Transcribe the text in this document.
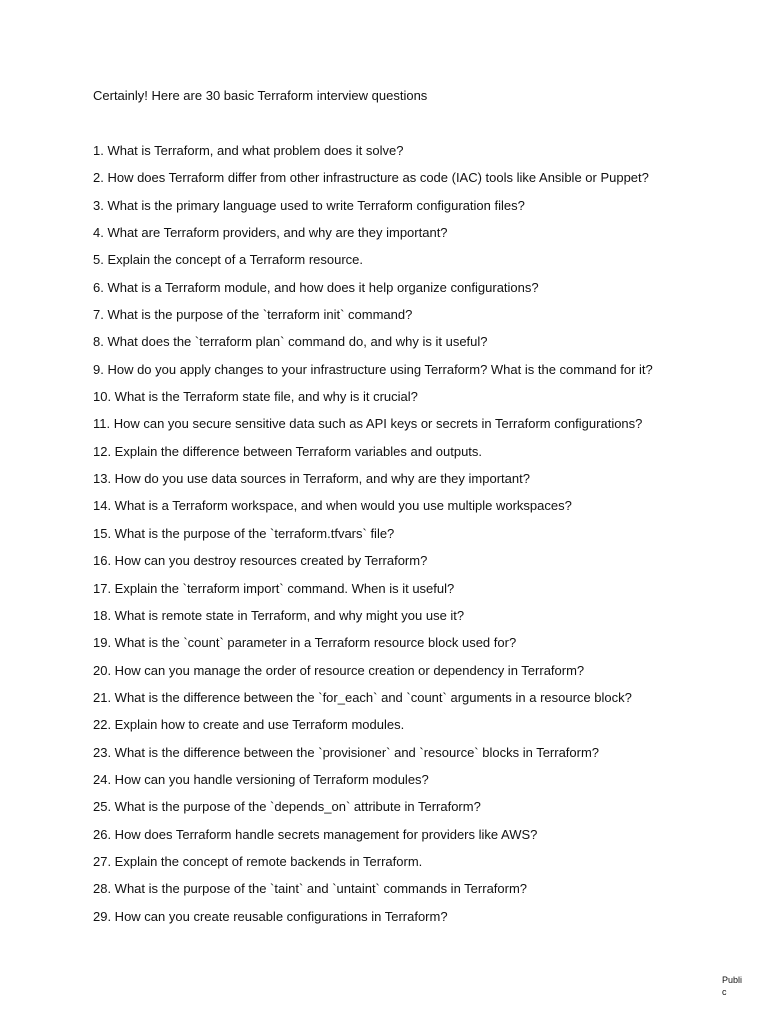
Certainly! Here are 30 basic Terraform interview questions
1. What is Terraform, and what problem does it solve?
2. How does Terraform differ from other infrastructure as code (IAC) tools like Ansible or Puppet?
3. What is the primary language used to write Terraform configuration files?
4. What are Terraform providers, and why are they important?
5. Explain the concept of a Terraform resource.
6. What is a Terraform module, and how does it help organize configurations?
7. What is the purpose of the `terraform init` command?
8. What does the `terraform plan` command do, and why is it useful?
9. How do you apply changes to your infrastructure using Terraform? What is the command for it?
10. What is the Terraform state file, and why is it crucial?
11. How can you secure sensitive data such as API keys or secrets in Terraform configurations?
12. Explain the difference between Terraform variables and outputs.
13. How do you use data sources in Terraform, and why are they important?
14. What is a Terraform workspace, and when would you use multiple workspaces?
15. What is the purpose of the `terraform.tfvars` file?
16. How can you destroy resources created by Terraform?
17. Explain the `terraform import` command. When is it useful?
18. What is remote state in Terraform, and why might you use it?
19. What is the `count` parameter in a Terraform resource block used for?
20. How can you manage the order of resource creation or dependency in Terraform?
21. What is the difference between the `for_each` and `count` arguments in a resource block?
22. Explain how to create and use Terraform modules.
23. What is the difference between the `provisioner` and `resource` blocks in Terraform?
24. How can you handle versioning of Terraform modules?
25. What is the purpose of the `depends_on` attribute in Terraform?
26. How does Terraform handle secrets management for providers like AWS?
27. Explain the concept of remote backends in Terraform.
28. What is the purpose of the `taint` and `untaint` commands in Terraform?
29. How can you create reusable configurations in Terraform?
Public
